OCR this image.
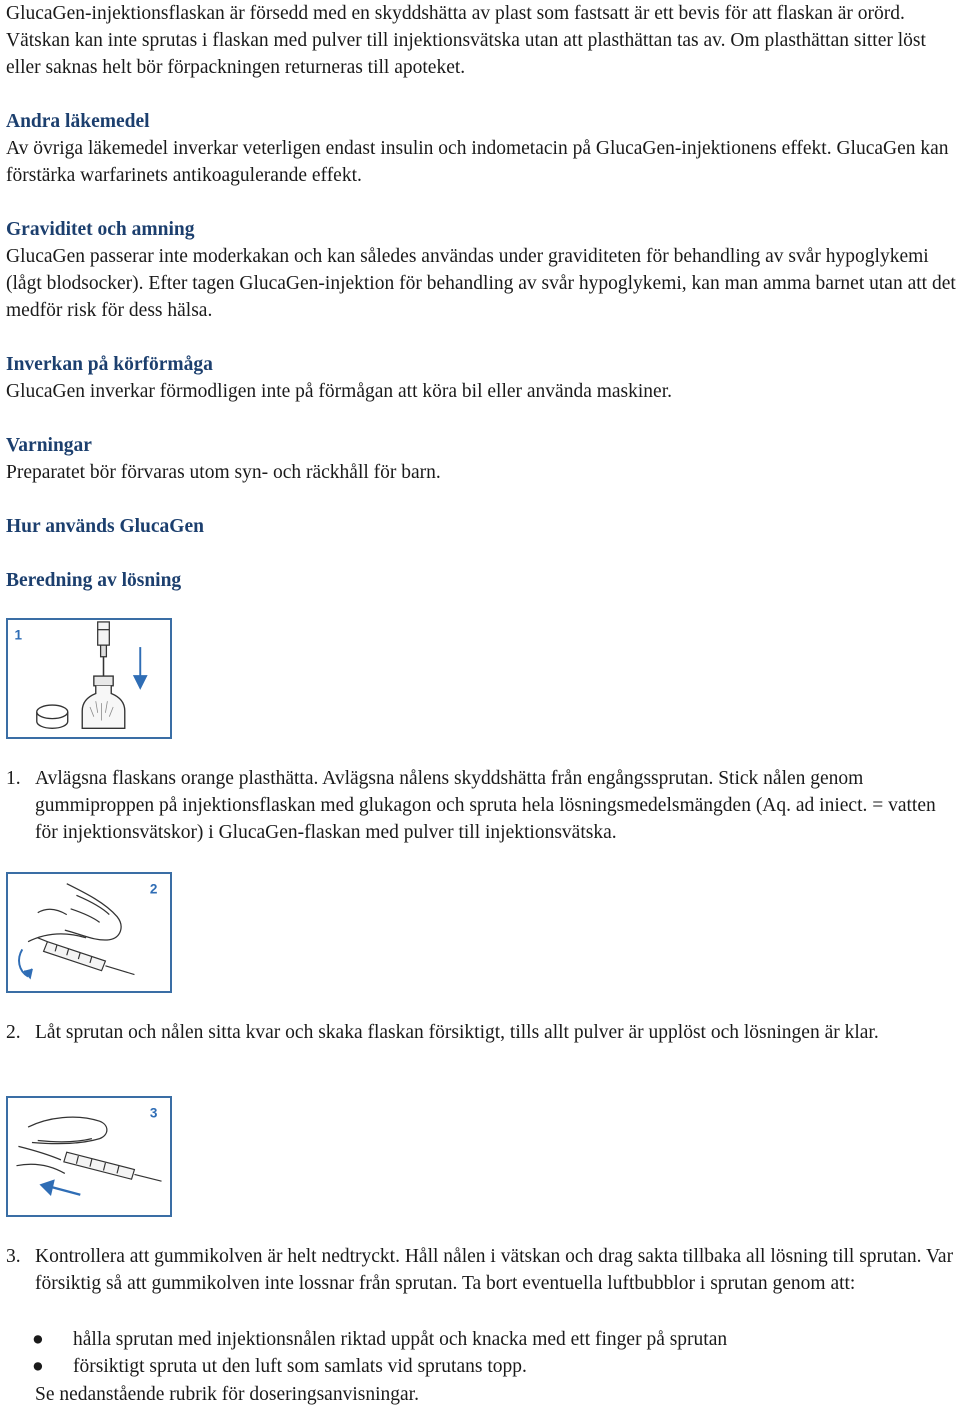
GlucaGen-injektionsflaskan är försedd med en skyddshätta av plast som fastsatt är ett bevis för att flaskan är orörd. Vätskan kan inte sprutas i flaskan med pulver till injektionsvätska utan att plasthättan tas av. Om plasthättan sitter löst eller saknas helt bör förpackningen returneras till apoteket.

Andra läkemedel

Av övriga läkemedel inverkar veterligen endast insulin och indometacin på GlucaGen-injektionens effekt. GlucaGen kan förstärka warfarinets antikoagulerande effekt.

Graviditet och amning

GlucaGen passerar inte moderkakan och kan således användas under graviditeten för behandling av svår hypoglykemi (lågt blodsocker). Efter tagen GlucaGen-injektion för behandling av svår hypoglykemi, kan man amma barnet utan att det medför risk för dess hälsa.

Inverkan på körförmåga

GlucaGen inverkar förmodligen inte på förmågan att köra bil eller använda maskiner.

Varningar

Preparatet bör förvaras utom syn- och räckhåll för barn.

Hur används GlucaGen

Beredning av lösning

1
1. Avlägsna flaskans orange plasthätta. Avlägsna nålens skyddshätta från engångssprutan. Stick nålen genom gummiproppen på injektionsflaskan med glukagon och spruta hela lösningsmedelsmängden (Aq. ad iniect. = vatten för injektionsvätskor) i GlucaGen-flaskan med pulver till injektionsvätska.

2
2. Låt sprutan och nålen sitta kvar och skaka flaskan försiktigt, tills allt pulver är upplöst och lösningen är klar.

3
3. Kontrollera att gummikolven är helt nedtryckt. Håll nålen i vätskan och drag sakta tillbaka all lösning till sprutan. Var försiktig så att gummikolven inte lossnar från sprutan. Ta bort eventuella luftbubblor i sprutan genom att:

● hålla sprutan med injektionsnålen riktad uppåt och knacka med ett finger på sprutan
● försiktigt spruta ut den luft som samlats vid sprutans topp.

Se nedanstående rubrik för doseringsanvisningar.
